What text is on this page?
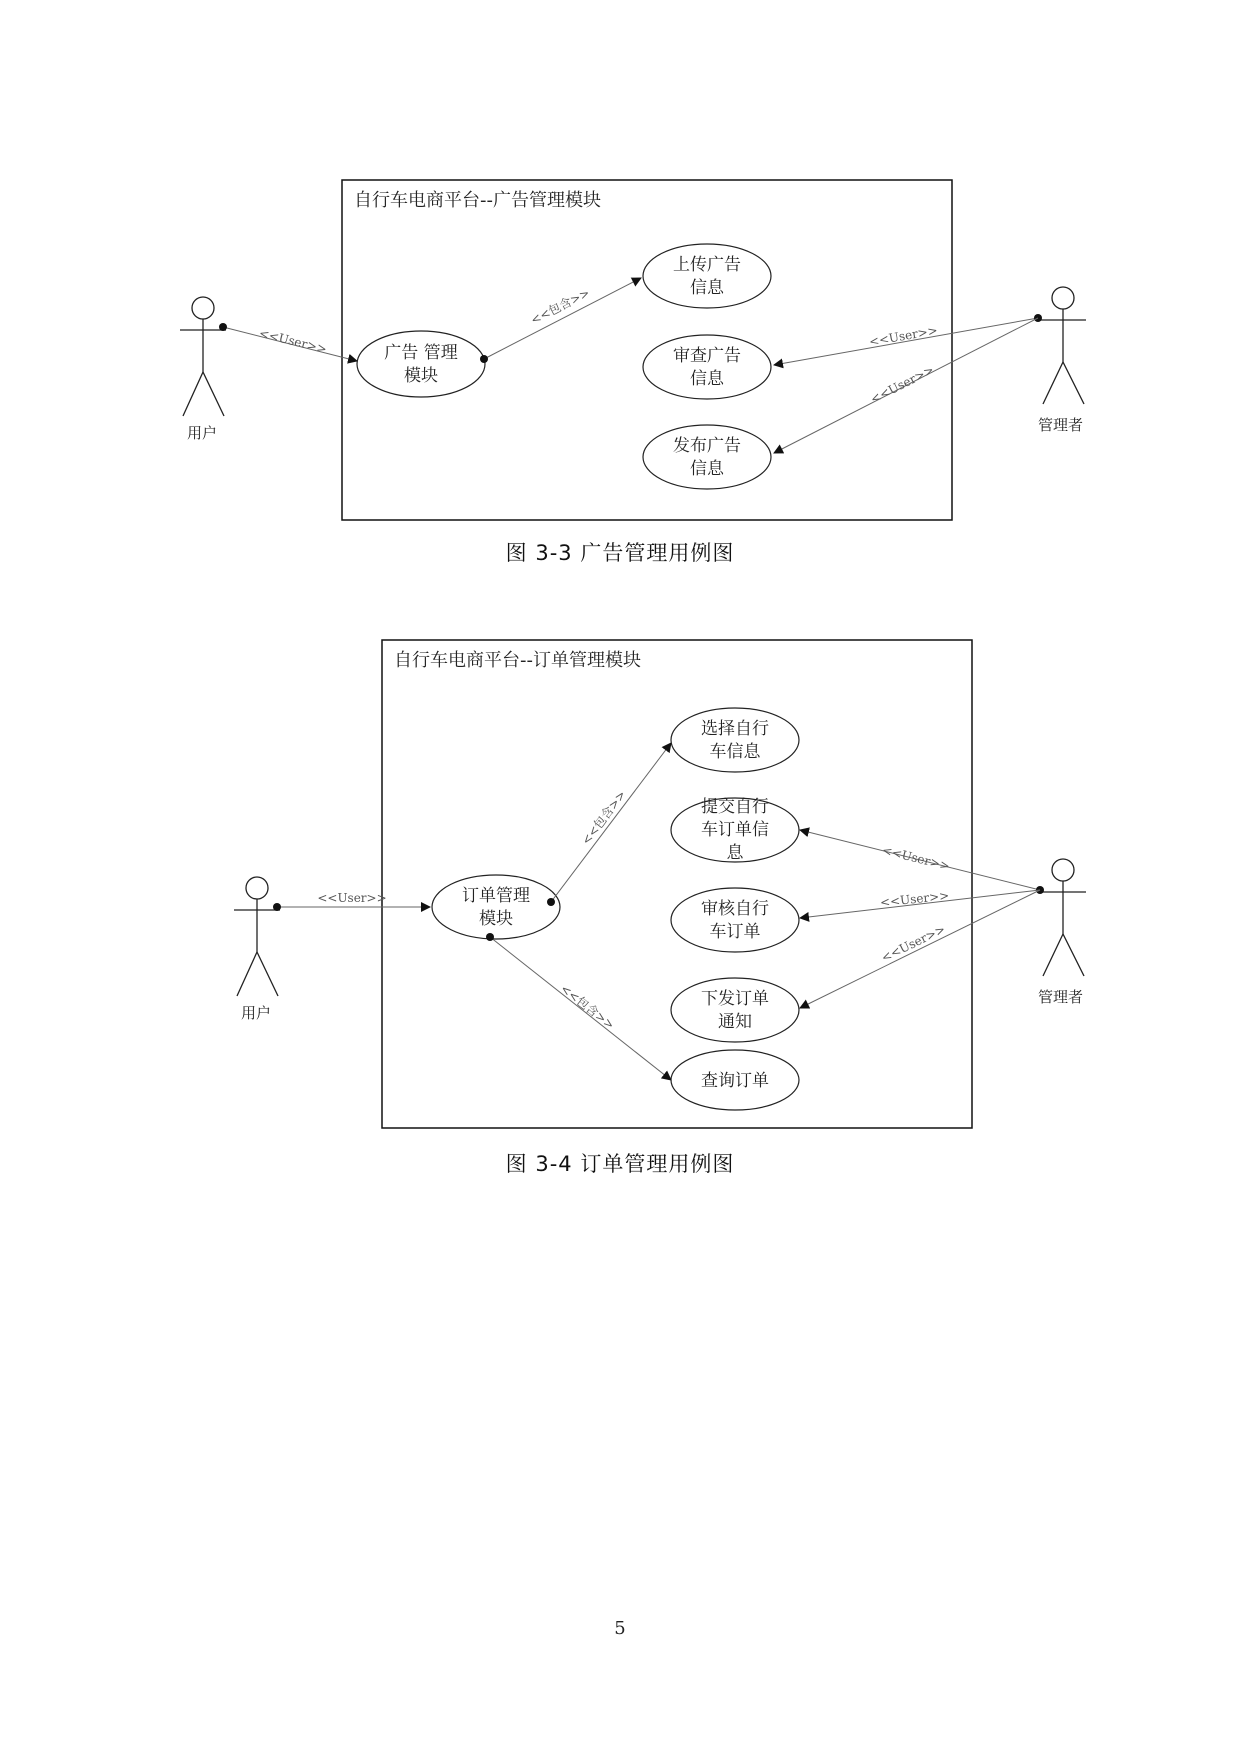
自行车电商平台--广告管理模块
用户	管理者
广告 管理
模块
上传广告
信息
审查广告
信息
发布广告
信息
<<User>>
<<包含>>
<<User>>
<<User>>
自行车电商平台--订单管理模块
用户
管理者
订单管理
模块
选择自行
车信息
提交自行
车订单信
息
审核自行
车订单
下发订单
通知
查询订单
<<User>>
<<包含>>
<<包含>>
<<User>>
<<User>>
<<User>>
图 3-3 广告管理用例图
图 3-4 订单管理用例图
5
